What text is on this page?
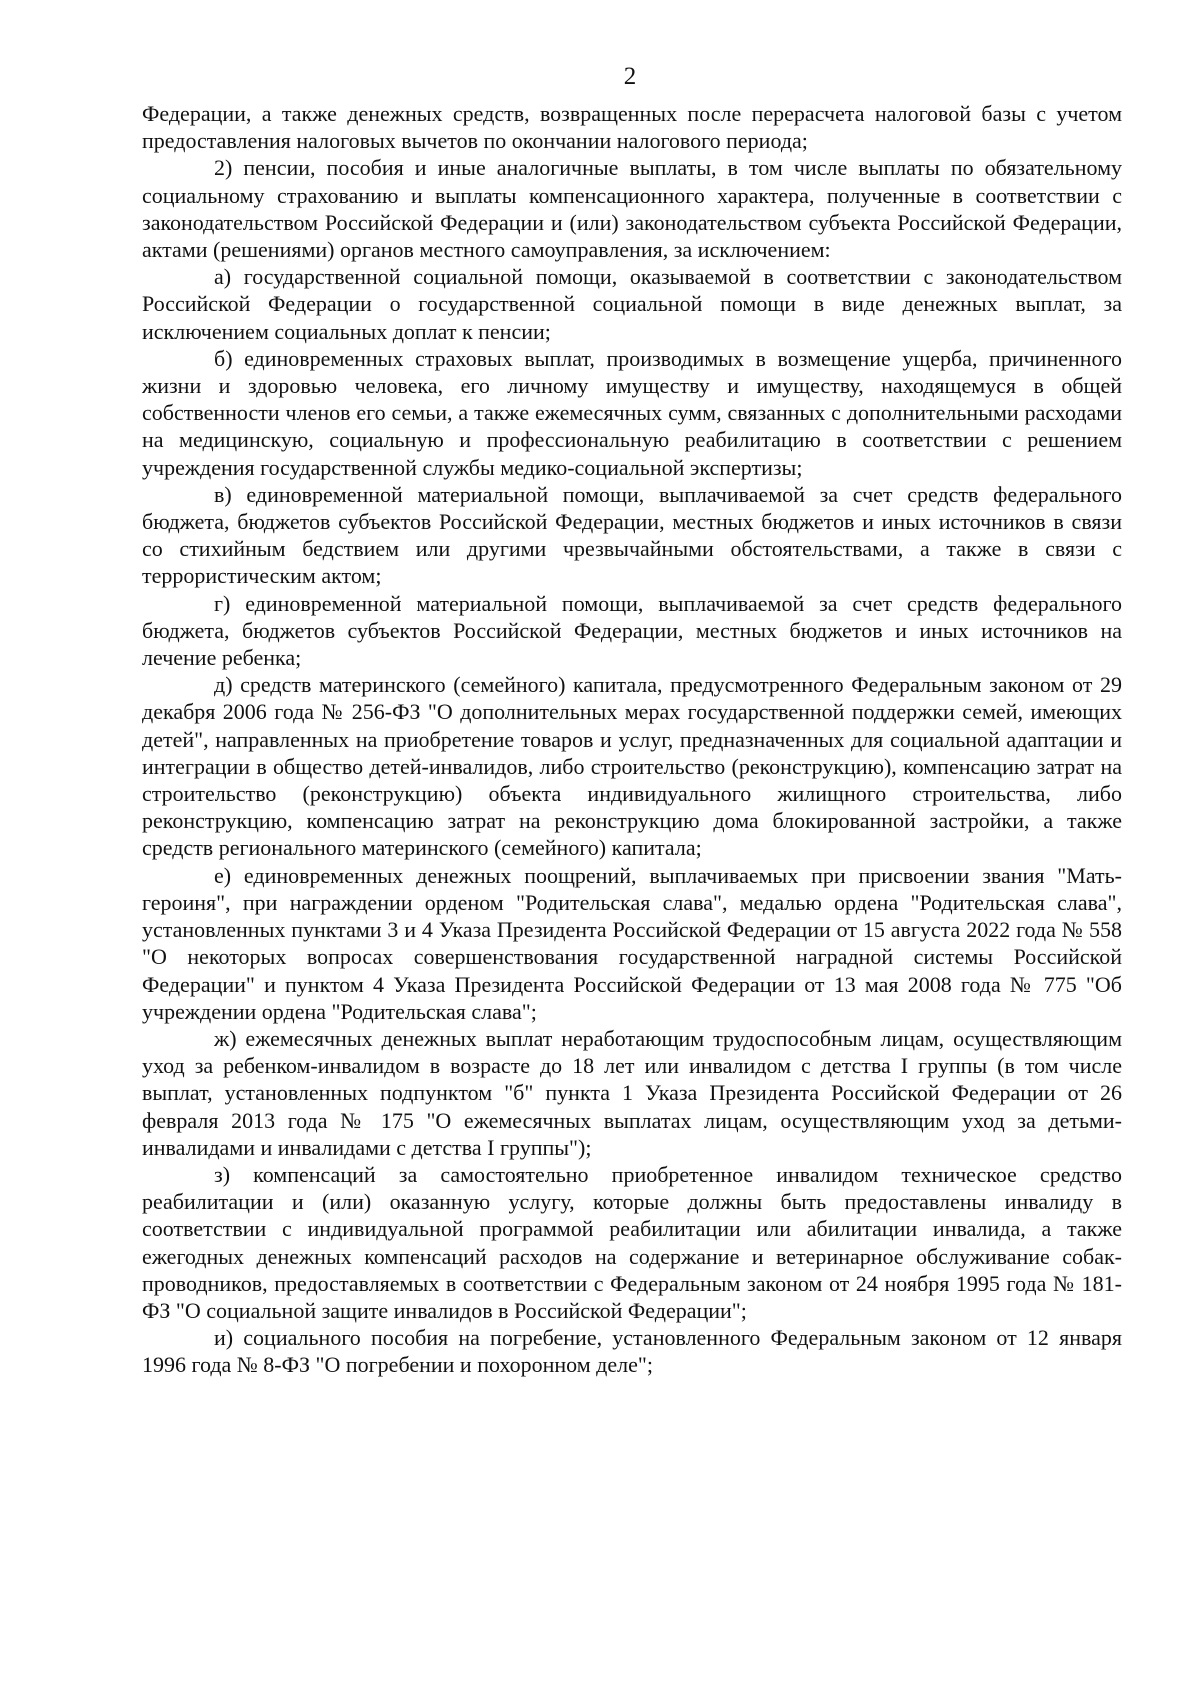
2

Федерации, а также денежных средств, возвращенных после перерасчета налоговой базы с учетом предоставления налоговых вычетов по окончании налогового периода;

2) пенсии, пособия и иные аналогичные выплаты, в том числе выплаты по обязательному социальному страхованию и выплаты компенсационного характера, полученные в соответствии с законодательством Российской Федерации и (или) законодательством субъекта Российской Федерации, актами (решениями) органов местного самоуправления, за исключением:

а) государственной социальной помощи, оказываемой в соответствии с законодательством Российской Федерации о государственной социальной помощи в виде денежных выплат, за исключением социальных доплат к пенсии;

б) единовременных страховых выплат, производимых в возмещение ущерба, причиненного жизни и здоровью человека, его личному имуществу и имуществу, находящемуся в общей собственности членов его семьи, а также ежемесячных сумм, связанных с дополнительными расходами на медицинскую, социальную и профессиональную реабилитацию в соответствии с решением учреждения государственной службы медико-социальной экспертизы;

в) единовременной материальной помощи, выплачиваемой за счет средств федерального бюджета, бюджетов субъектов Российской Федерации, местных бюджетов и иных источников в связи со стихийным бедствием или другими чрезвычайными обстоятельствами, а также в связи с террористическим актом;

г) единовременной материальной помощи, выплачиваемой за счет средств федерального бюджета, бюджетов субъектов Российской Федерации, местных бюджетов и иных источников на лечение ребенка;

д) средств материнского (семейного) капитала, предусмотренного Федеральным законом от 29 декабря 2006 года № 256-ФЗ "О дополнительных мерах государственной поддержки семей, имеющих детей", направленных на приобретение товаров и услуг, предназначенных для социальной адаптации и интеграции в общество детей-инвалидов, либо строительство (реконструкцию), компенсацию затрат на строительство (реконструкцию) объекта индивидуального жилищного строительства, либо реконструкцию, компенсацию затрат на реконструкцию дома блокированной застройки, а также средств регионального материнского (семейного) капитала;

е) единовременных денежных поощрений, выплачиваемых при присвоении звания "Мать-героиня", при награждении орденом "Родительская слава", медалью ордена "Родительская слава", установленных пунктами 3 и 4 Указа Президента Российской Федерации от 15 августа 2022 года № 558 "О некоторых вопросах совершенствования государственной наградной системы Российской Федерации" и пунктом 4 Указа Президента Российской Федерации от 13 мая 2008 года № 775 "Об учреждении ордена "Родительская слава";

ж) ежемесячных денежных выплат неработающим трудоспособным лицам, осуществляющим уход за ребенком-инвалидом в возрасте до 18 лет или инвалидом с детства I группы (в том числе выплат, установленных подпунктом "б" пункта 1 Указа Президента Российской Федерации от 26 февраля 2013 года № 175 "О ежемесячных выплатах лицам, осуществляющим уход за детьми-инвалидами и инвалидами с детства I группы");

з) компенсаций за самостоятельно приобретенное инвалидом техническое средство реабилитации и (или) оказанную услугу, которые должны быть предоставлены инвалиду в соответствии с индивидуальной программой реабилитации или абилитации инвалида, а также ежегодных денежных компенсаций расходов на содержание и ветеринарное обслуживание собак-проводников, предоставляемых в соответствии с Федеральным законом от 24 ноября 1995 года № 181-ФЗ "О социальной защите инвалидов в Российской Федерации";

и) социального пособия на погребение, установленного Федеральным законом от 12 января 1996 года № 8-ФЗ "О погребении и похоронном деле";
